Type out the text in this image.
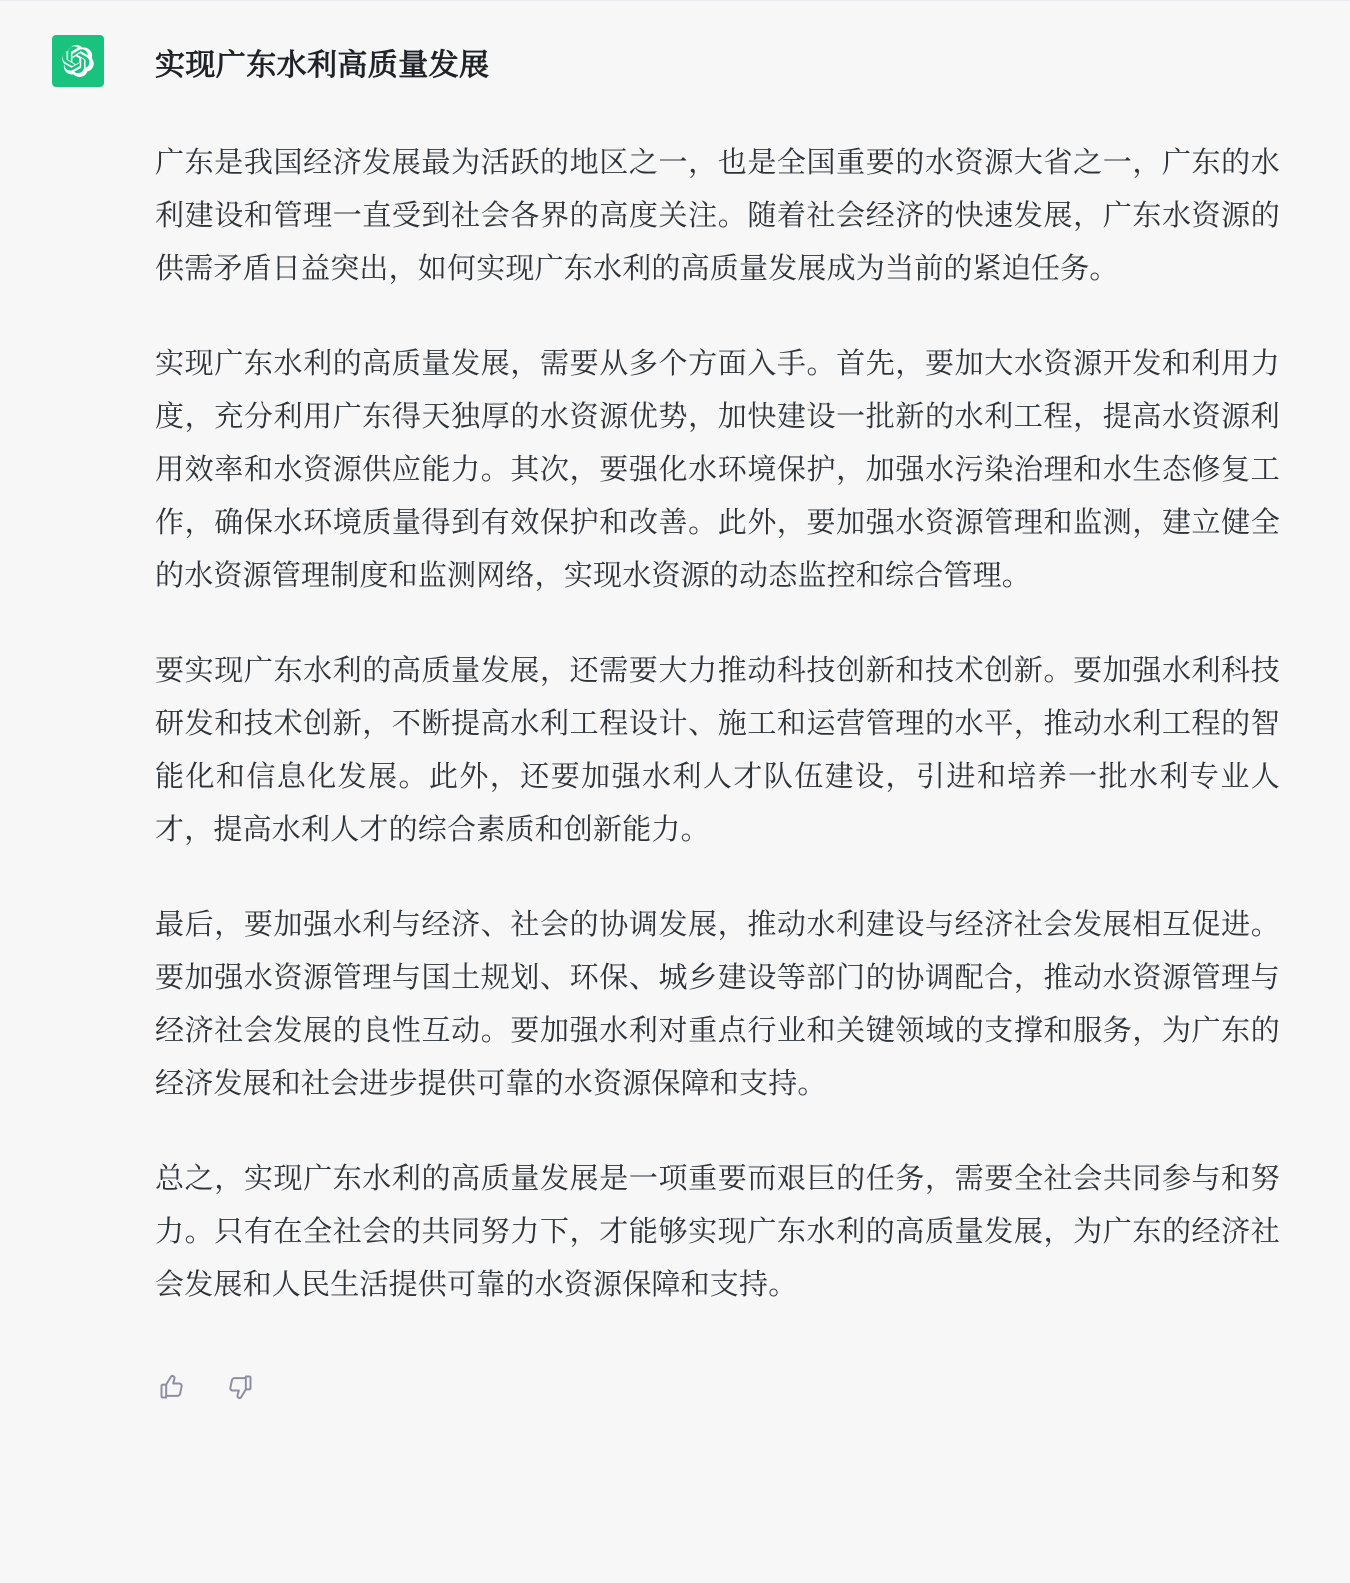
实现广东水利高质量发展

广东是我国经济发展最为活跃的地区之一，也是全国重要的水资源大省之一，广东的水利建设和管理一直受到社会各界的高度关注。随着社会经济的快速发展，广东水资源的供需矛盾日益突出，如何实现广东水利的高质量发展成为当前的紧迫任务。

实现广东水利的高质量发展，需要从多个方面入手。首先，要加大水资源开发和利用力度，充分利用广东得天独厚的水资源优势，加快建设一批新的水利工程，提高水资源利用效率和水资源供应能力。其次，要强化水环境保护，加强水污染治理和水生态修复工作，确保水环境质量得到有效保护和改善。此外，要加强水资源管理和监测，建立健全的水资源管理制度和监测网络，实现水资源的动态监控和综合管理。

要实现广东水利的高质量发展，还需要大力推动科技创新和技术创新。要加强水利科技研发和技术创新，不断提高水利工程设计、施工和运营管理的水平，推动水利工程的智能化和信息化发展。此外，还要加强水利人才队伍建设，引进和培养一批水利专业人才，提高水利人才的综合素质和创新能力。

最后，要加强水利与经济、社会的协调发展，推动水利建设与经济社会发展相互促进。要加强水资源管理与国土规划、环保、城乡建设等部门的协调配合，推动水资源管理与经济社会发展的良性互动。要加强水利对重点行业和关键领域的支撑和服务，为广东的经济发展和社会进步提供可靠的水资源保障和支持。

总之，实现广东水利的高质量发展是一项重要而艰巨的任务，需要全社会共同参与和努力。只有在全社会的共同努力下，才能够实现广东水利的高质量发展，为广东的经济社会发展和人民生活提供可靠的水资源保障和支持。
